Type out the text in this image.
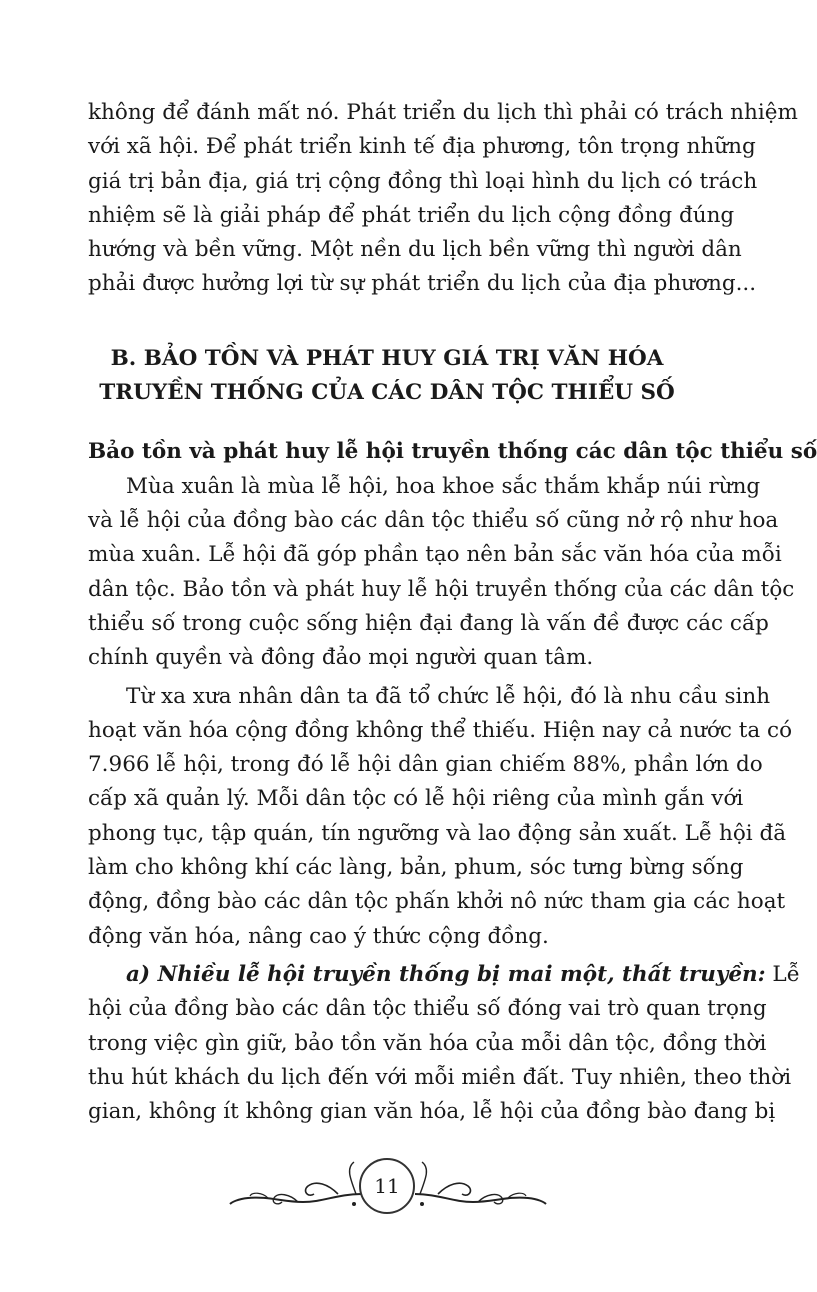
không để đánh mất nó. Phát triển du lịch thì phải có trách nhiệm
với xã hội. Để phát triển kinh tế địa phương, tôn trọng những
giá trị bản địa, giá trị cộng đồng thì loại hình du lịch có trách
nhiệm sẽ là giải pháp để phát triển du lịch cộng đồng đúng
hướng và bền vững. Một nền du lịch bền vững thì người dân
phải được hưởng lợi từ sự phát triển du lịch của địa phương...
B. BẢO TỒN VÀ PHÁT HUY GIÁ TRỊ VĂN HÓA
TRUYỀN THỐNG CỦA CÁC DÂN TỘC THIỂU SỐ
Bảo tồn và phát huy lễ hội truyền thống các dân tộc thiểu số
Mùa xuân là mùa lễ hội, hoa khoe sắc thắm khắp núi rừng
và lễ hội của đồng bào các dân tộc thiểu số cũng nở rộ như hoa
mùa xuân. Lễ hội đã góp phần tạo nên bản sắc văn hóa của mỗi
dân tộc. Bảo tồn và phát huy lễ hội truyền thống của các dân tộc
thiểu số trong cuộc sống hiện đại đang là vấn đề được các cấp
chính quyền và đông đảo mọi người quan tâm.
Từ xa xưa nhân dân ta đã tổ chức lễ hội, đó là nhu cầu sinh
hoạt văn hóa cộng đồng không thể thiếu. Hiện nay cả nước ta có
7.966 lễ hội, trong đó lễ hội dân gian chiếm 88%, phần lớn do
cấp xã quản lý. Mỗi dân tộc có lễ hội riêng của mình gắn với
phong tục, tập quán, tín ngưỡng và lao động sản xuất. Lễ hội đã
làm cho không khí các làng, bản, phum, sóc tưng bừng sống
động, đồng bào các dân tộc phấn khởi nô nức tham gia các hoạt
động văn hóa, nâng cao ý thức cộng đồng.
a) Nhiều lễ hội truyền thống bị mai một, thất truyền: Lễ
hội của đồng bào các dân tộc thiểu số đóng vai trò quan trọng
trong việc gìn giữ, bảo tồn văn hóa của mỗi dân tộc, đồng thời
thu hút khách du lịch đến với mỗi miền đất. Tuy nhiên, theo thời
gian, không ít không gian văn hóa, lễ hội của đồng bào đang bị
11
